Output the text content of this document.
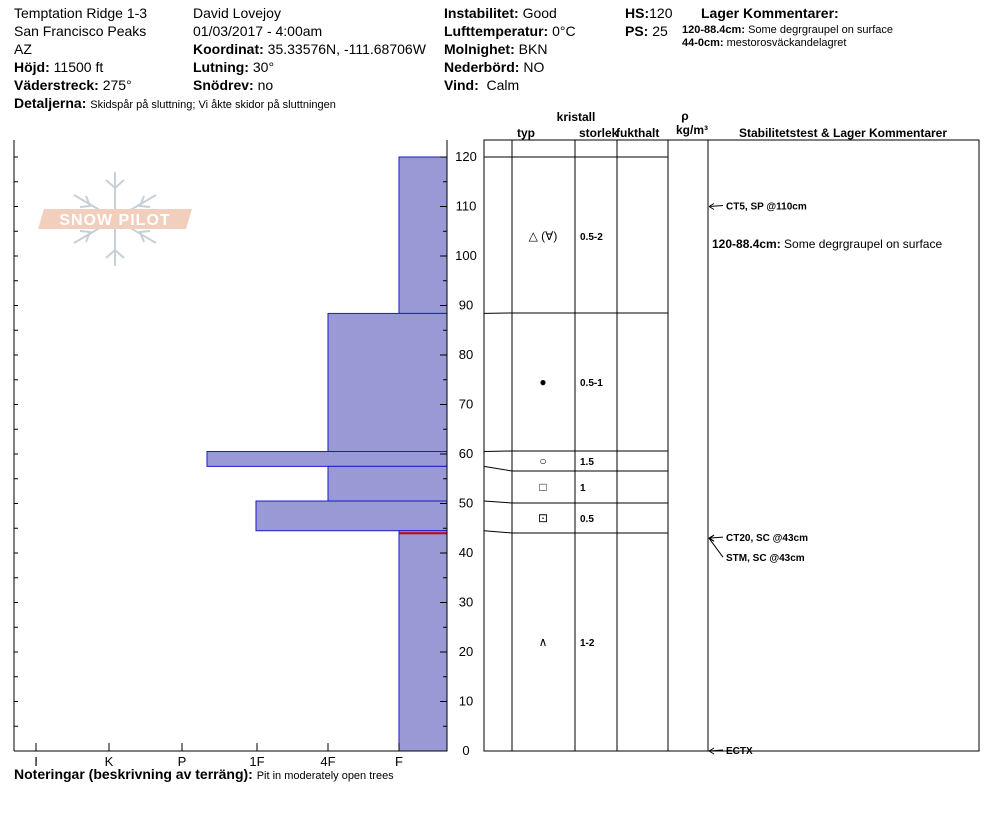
Temptation Ridge 1-3
San Francisco Peaks
AZ
Höjd: 11500 ft
Väderstreck: 275°
Detaljerna: Skidspår på sluttning; Vi åkte skidor på sluttningen
David Lovejoy
01/03/2017 - 4:00am
Koordinat: 35.33576N, -111.68706W
Lutning: 30°
Snödrev: no
Instabilitet: Good
Lufttemperatur: 0°C
Molnighet: BKN
Nederbörd: NO
Vind: Calm
HS:120
PS: 25
Lager Kommentarer:
120-88.4cm: Some degrgraupel on surface
44-0cm: mestorosväckandelagret
Noteringar (beskrivning av terräng): Pit in moderately open trees
SNOW PILOT
0
10
20
30
40
50
60
70
80
90
100
110
120
I	K	P	1F	4F	F
kristall
typ	storlek
fukthalt
ρ
kg/m³	Stabilitetstest & Lager Kommentarer
△ (∀) 0.5-2
●	0.5-1
○	1.5
□	1
⊡	0.5
∧	1-2
CT5, SP @110cm
120-88.4cm: Some degrgraupel on surface
CT20, SC @43cm
STM, SC @43cm
ECTX
